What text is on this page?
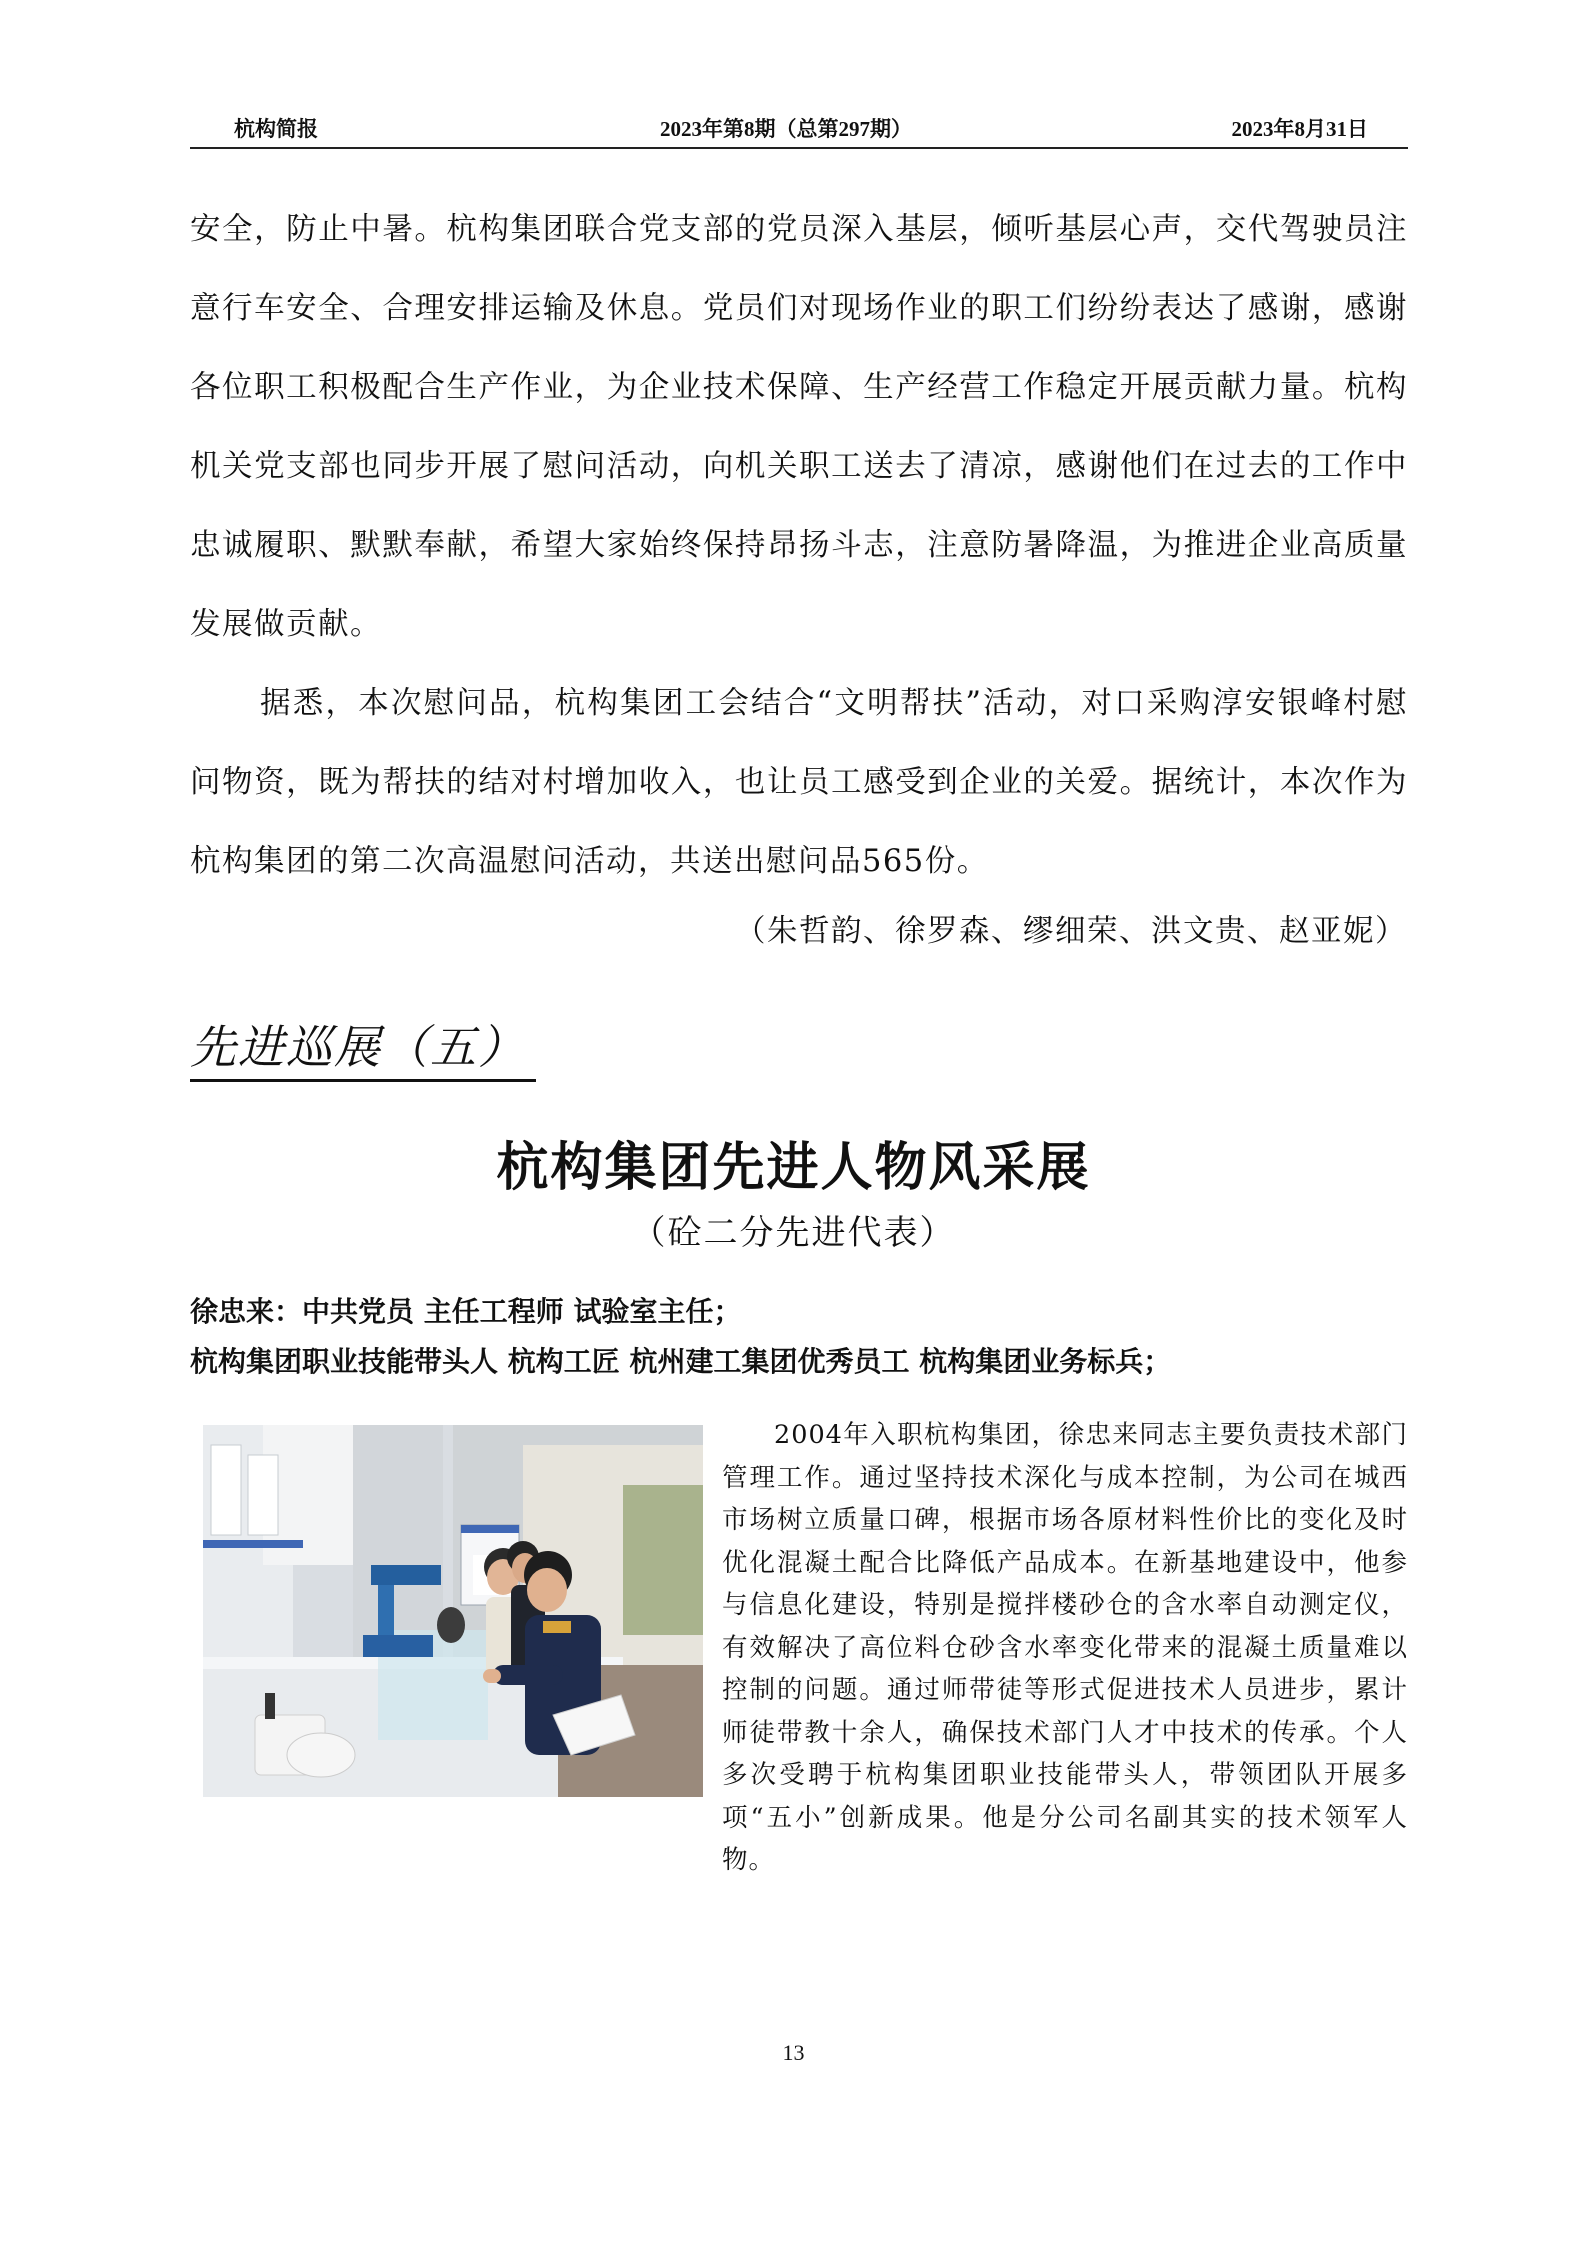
杭构简报	2023年第8期（总第297期）	2023年8月31日
安全，防止中暑。杭构集团联合党支部的党员深入基层，倾听基层心声，交代驾驶员注意行车安全、合理安排运输及休息。党员们对现场作业的职工们纷纷表达了感谢，感谢各位职工积极配合生产作业，为企业技术保障、生产经营工作稳定开展贡献力量。杭构机关党支部也同步开展了慰问活动，向机关职工送去了清凉，感谢他们在过去的工作中忠诚履职、默默奉献，希望大家始终保持昂扬斗志，注意防暑降温，为推进企业高质量发展做贡献。
据悉，本次慰问品，杭构集团工会结合“文明帮扶”活动，对口采购淳安银峰村慰问物资，既为帮扶的结对村增加收入，也让员工感受到企业的关爱。据统计，本次作为杭构集团的第二次高温慰问活动，共送出慰问品565份。
（朱哲韵、徐罗森、缪细荣、洪文贵、赵亚妮）
先进巡展（五）
杭构集团先进人物风采展
（砼二分先进代表）
徐忠来：中共党员 主任工程师 试验室主任；
杭构集团职业技能带头人 杭构工匠 杭州建工集团优秀员工 杭构集团业务标兵；
2004年入职杭构集团，徐忠来同志主要负责技术部门管理工作。通过坚持技术深化与成本控制，为公司在城西市场树立质量口碑，根据市场各原材料性价比的变化及时优化混凝土配合比降低产品成本。在新基地建设中，他参与信息化建设，特别是搅拌楼砂仓的含水率自动测定仪，有效解决了高位料仓砂含水率变化带来的混凝土质量难以控制的问题。通过师带徒等形式促进技术人员进步，累计师徒带教十余人，确保技术部门人才中技术的传承。个人多次受聘于杭构集团职业技能带头人，带领团队开展多项“五小”创新成果。他是分公司名副其实的技术领军人物。
13
